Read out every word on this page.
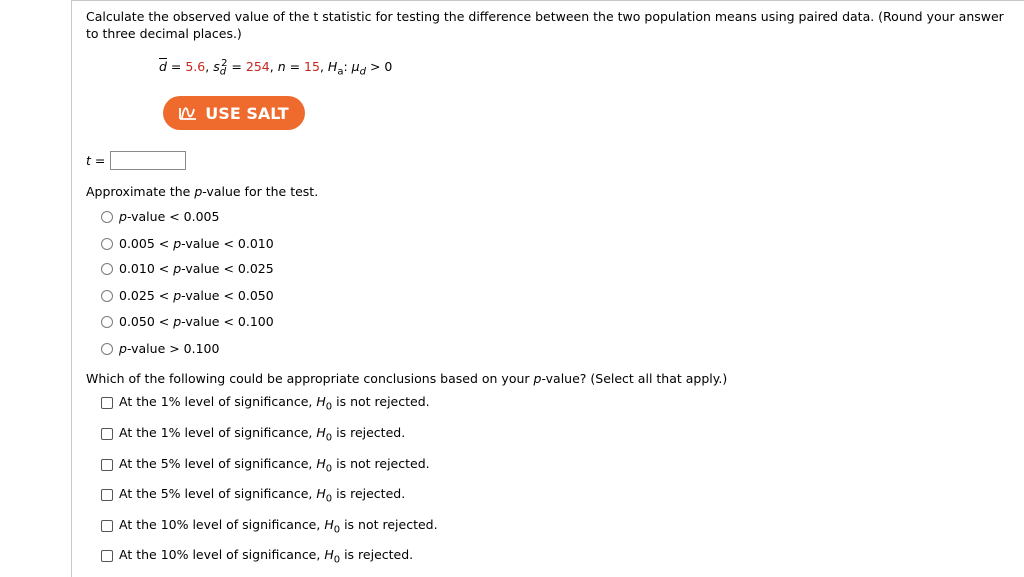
Calculate the observed value of the t statistic for testing the difference between the two population means using paired data. (Round your answer to three decimal places.)
$\overline{d} = 5.6$, $s_d^2 = 254$, n = 15, $H_a$: $\mu_d > 0$
USE SALT
t =
Approximate the p-value for the test.
p-value < 0.005
0.005 < p-value < 0.010
0.010 < p-value < 0.025
0.025 < p-value < 0.050
0.050 < p-value < 0.100
p-value > 0.100
Which of the following could be appropriate conclusions based on your p-value? (Select all that apply.)
At the 1% level of significance, $H_0$ is not rejected.
At the 1% level of significance, $H_0$ is rejected.
At the 5% level of significance, $H_0$ is not rejected.
At the 5% level of significance, $H_0$ is rejected.
At the 10% level of significance, $H_0$ is not rejected.
At the 10% level of significance, $H_0$ is rejected.
